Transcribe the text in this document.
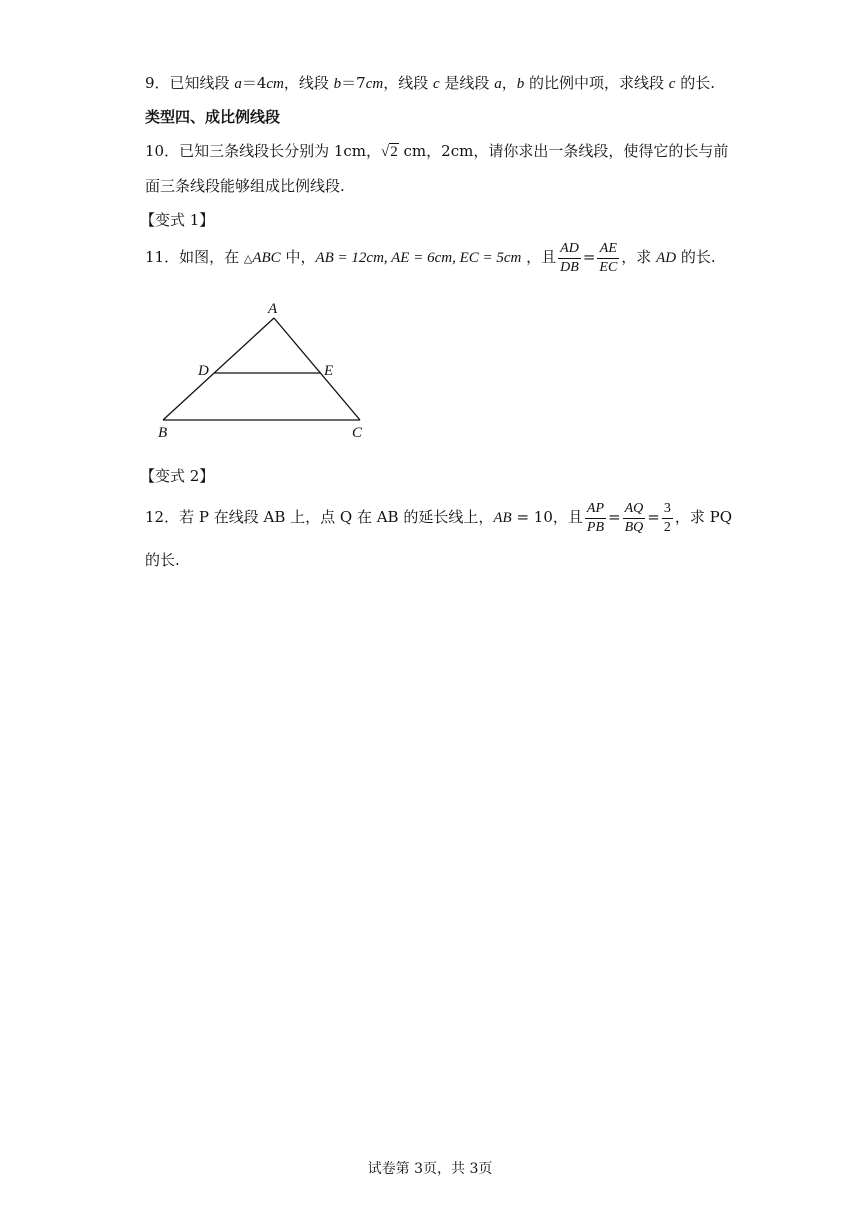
9．已知线段 a＝4cm，线段 b＝7cm，线段 c 是线段 a，b 的比例中项，求线段 c 的长.
类型四、成比例线段
10．已知三条线段长分别为 1cm，√2 cm，2cm，请你求出一条线段，使得它的长与前
面三条线段能够组成比例线段.
【变式 1】
11．如图，在 △ABC 中，AB = 12cm, AE = 6cm, EC = 5cm ，且 $\frac{AD}{DB} = \frac{AE}{EC}$ ，求 AD 的长.
A
D	E
B	C
【变式 2】
12．若 P 在线段 AB 上，点 Q 在 AB 的延长线上，AB = 10，且 $\frac{AP}{PB} = \frac{AQ}{BQ} = \frac{3}{2}$ ，求 PQ
的长.
试卷第 3页，共 3页
